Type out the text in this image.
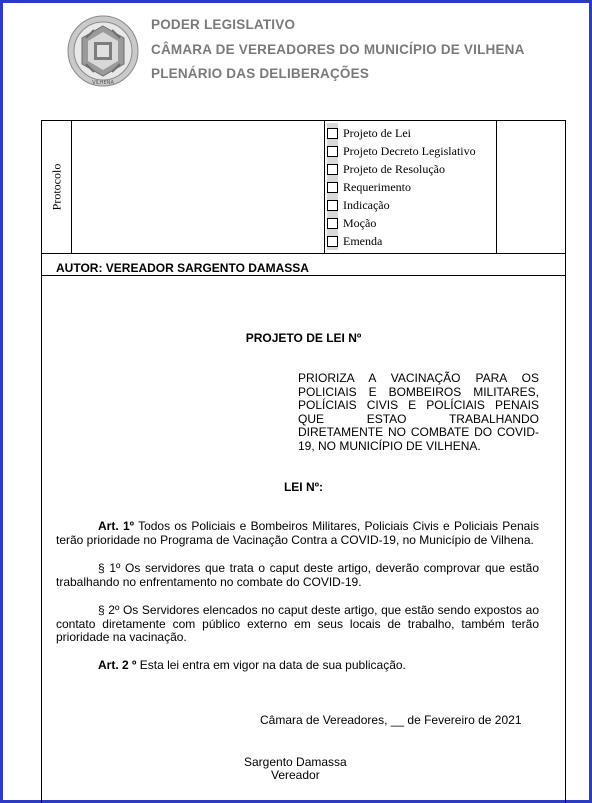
VILHENA
PODER LEGISLATIVO
CÂMARA DE VEREADORES DO MUNICÍPIO DE VILHENA
PLENÁRIO DAS DELIBERAÇÕES
Protocolo
Projeto de Lei
Projeto Decreto Legislativo
Projeto de Resolução
Requerimento
Indicação
Moção
Emenda
AUTOR: VEREADOR SARGENTO DAMASSA
PROJETO DE LEI Nº
PRIORIZA A VACINAÇÃO PARA OS POLICIAIS E BOMBEIROS MILITARES, POLÍCIAIS CIVIS E POLÍCIAIS PENAIS QUE ESTAO TRABALHANDO DIRETAMENTE NO COMBATE DO COVID-19, NO MUNICÍPIO DE VILHENA.
LEI Nº:
Art. 1º Todos os Policiais e Bombeiros Militares, Policiais Civis e Policiais Penais terão prioridade no Programa de Vacinação Contra a COVID-19, no Município de Vilhena.
§ 1º Os servidores que trata o caput deste artigo, deverão comprovar que estão trabalhando no enfrentamento no combate do COVID-19.
§ 2º Os Servidores elencados no caput deste artigo, que estão sendo expostos ao contato diretamente com público externo em seus locais de trabalho, também terão prioridade na vacinação.
Art. 2 º Esta lei entra em vigor na data de sua publicação.
Câmara de Vereadores, __ de Fevereiro de 2021
Sargento Damassa
Vereador
